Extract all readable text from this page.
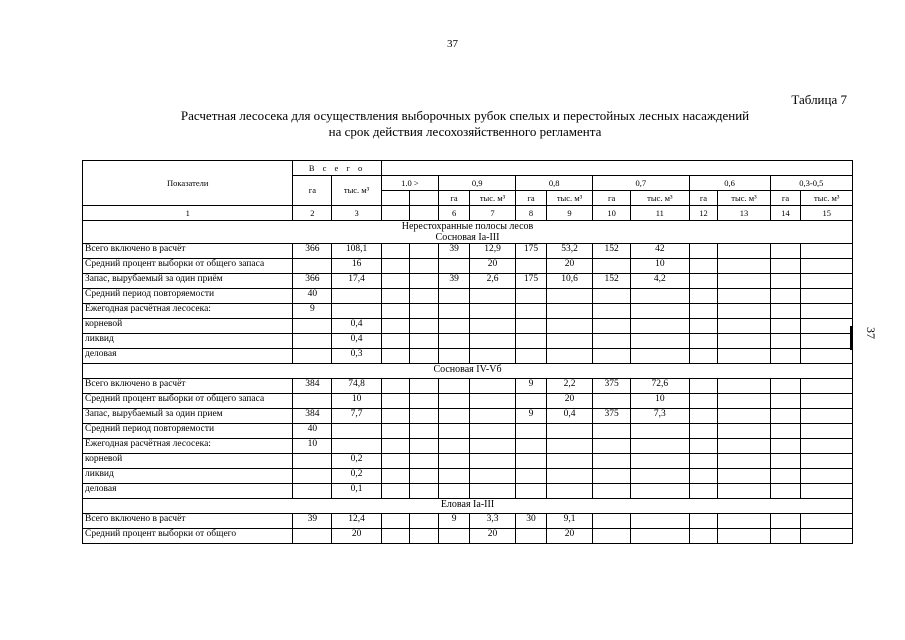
37
37
Таблица 7
Расчетная лесосека для осуществления выборочных рубок спелых и перестойных лесных насаждений
на срок действия лесохозяйственного регламента
Показатели	В с е г о													
	га	тыс. м³	1.0 >		0,9		0,8		0,7		0,6		0,3-0,5	
					га	тыс. м³	га	тыс. м³	га	тыс. м³	га	тыс. м³	га	тыс. м³
1	2	3			6	7	8	9	10	11	12	13	14	15

Нерестохранные полосы лесов
Сосновая Ia-III														

Всего включено в расчёт	366	108,1			39	12,9	175	53,2	152	42				
Средний процент выборки от общего запаса		16				20		20		10				
Запас, вырубаемый за один приём	366	17,4			39	2,6	175	10,6	152	4,2				
Средний период повторяемости	40													
Ежегодная расчётная лесосека:	9													
корневой		0,4												
ликвид		0,4												
деловая		0,3												

Сосновая IV-Vб														

Всего включено в расчёт	384	74,8					9	2,2	375	72,6				
Средний процент выборки от общего запаса		10						20		10				
Запас, вырубаемый за один прием	384	7,7					9	0,4	375	7,3				
Средний период повторяемости	40													
Ежегодная расчётная лесосека:	10													
корневой		0,2												
ликвид		0,2												
деловая		0,1												

Еловая Ia-III														

Всего включено в расчёт	39	12,4			9	3,3	30	9,1						
Средний процент выборки от общего		20				20		20						
